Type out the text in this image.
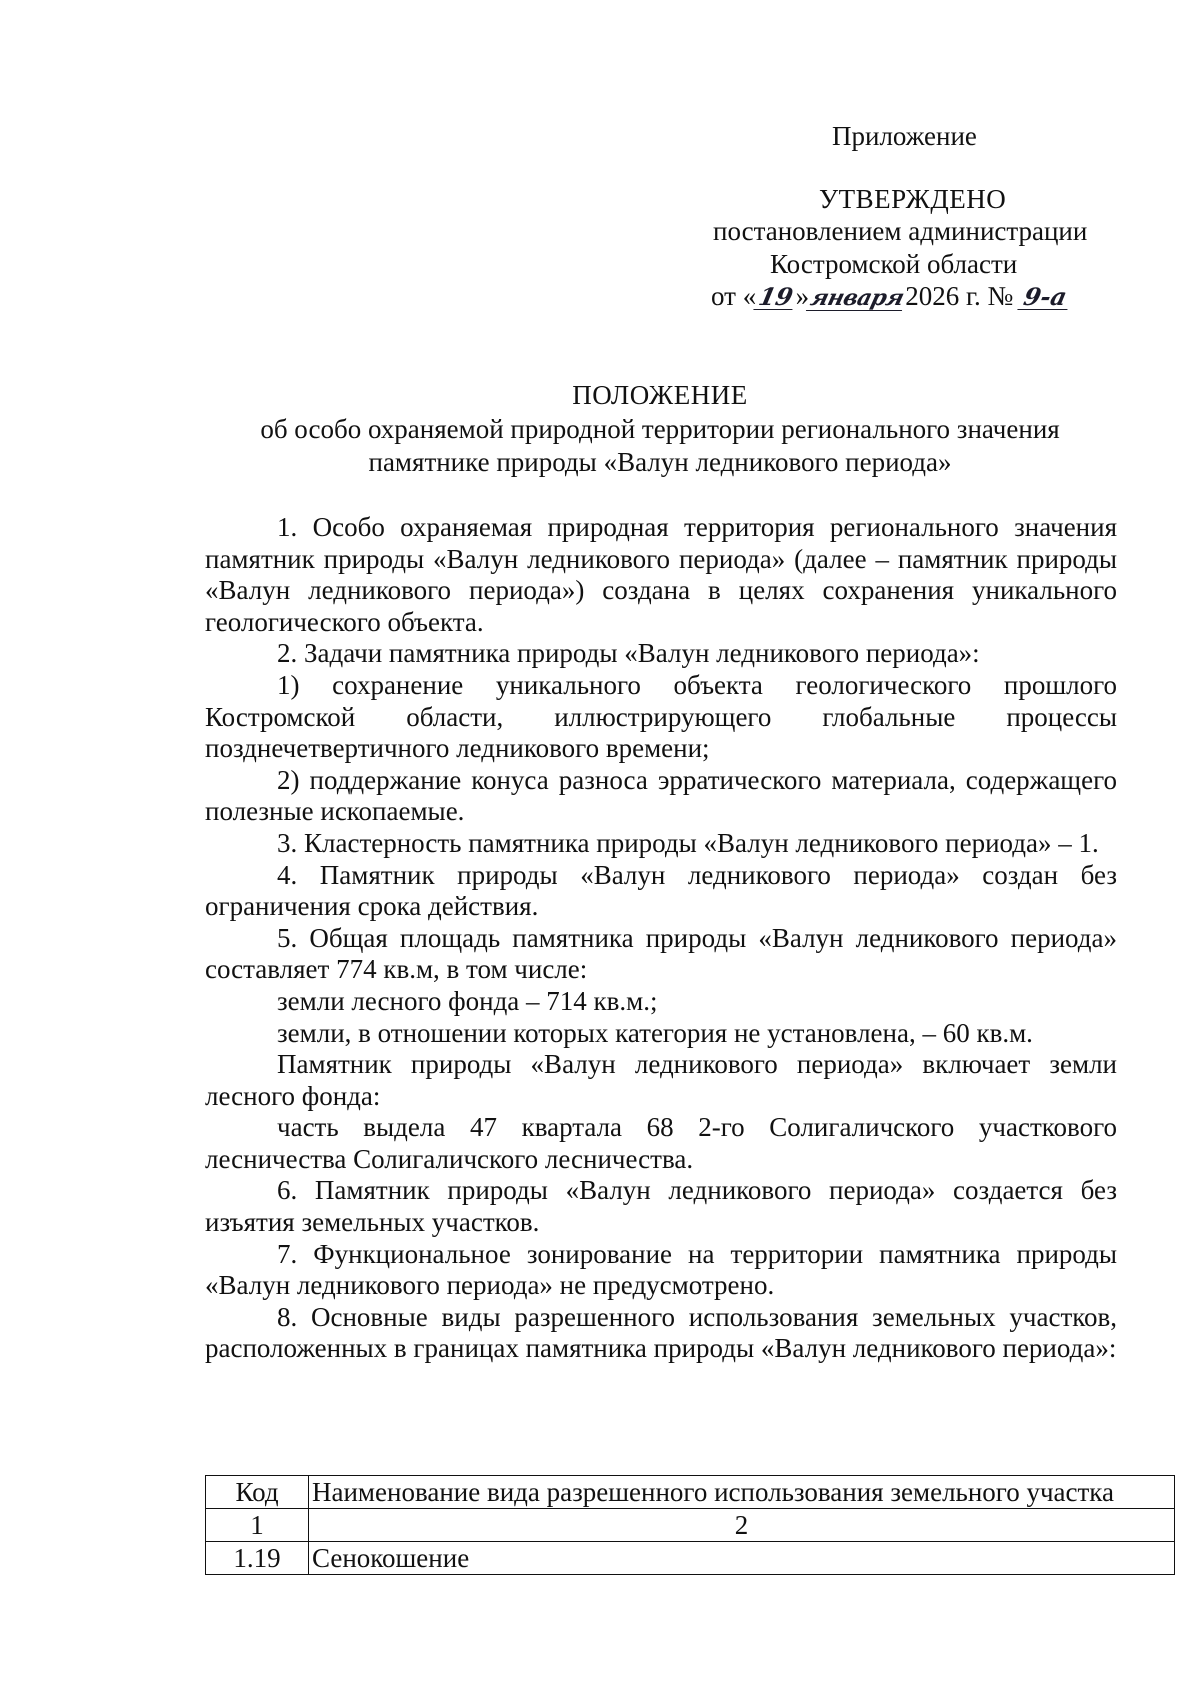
Приложение
УТВЕРЖДЕНО
постановлением администрации
Костромской области
от «19»января2026 г. № 9-а
ПОЛОЖЕНИЕ
об особо охраняемой природной территории регионального значения
памятнике природы «Валун ледникового периода»

1. Особо охраняемая природная территория регионального значения памятник природы «Валун ледникового периода» (далее – памятник природы «Валун ледникового периода») создана в целях сохранения уникального геологического объекта.

2. Задачи памятника природы «Валун ледникового периода»:

1) сохранение уникального объекта геологического прошлого Костромской области, иллюстрирующего глобальные процессы позднечетвертичного ледникового времени;

2) поддержание конуса разноса эрратического материала, содержащего полезные ископаемые.

3. Кластерность памятника природы «Валун ледникового периода» – 1.

4. Памятник природы «Валун ледникового периода» создан без ограничения срока действия.

5. Общая площадь памятника природы «Валун ледникового периода» составляет 774 кв.м, в том числе:

земли лесного фонда – 714 кв.м.;

земли, в отношении которых категория не установлена, – 60 кв.м.

Памятник природы «Валун ледникового периода» включает земли лесного фонда:

часть выдела 47 квартала 68 2-го Солигаличского участкового лесничества Солигаличского лесничества.

6. Памятник природы «Валун ледникового периода» создается без изъятия земельных участков.

7. Функциональное зонирование на территории памятника природы «Валун ледникового периода» не предусмотрено.

8. Основные виды разрешенного использования земельных участков, расположенных в границах памятника природы «Валун ледникового периода»:

Код	Наименование вида разрешенного использования земельного участка
1	2
1.19	Сенокошение
